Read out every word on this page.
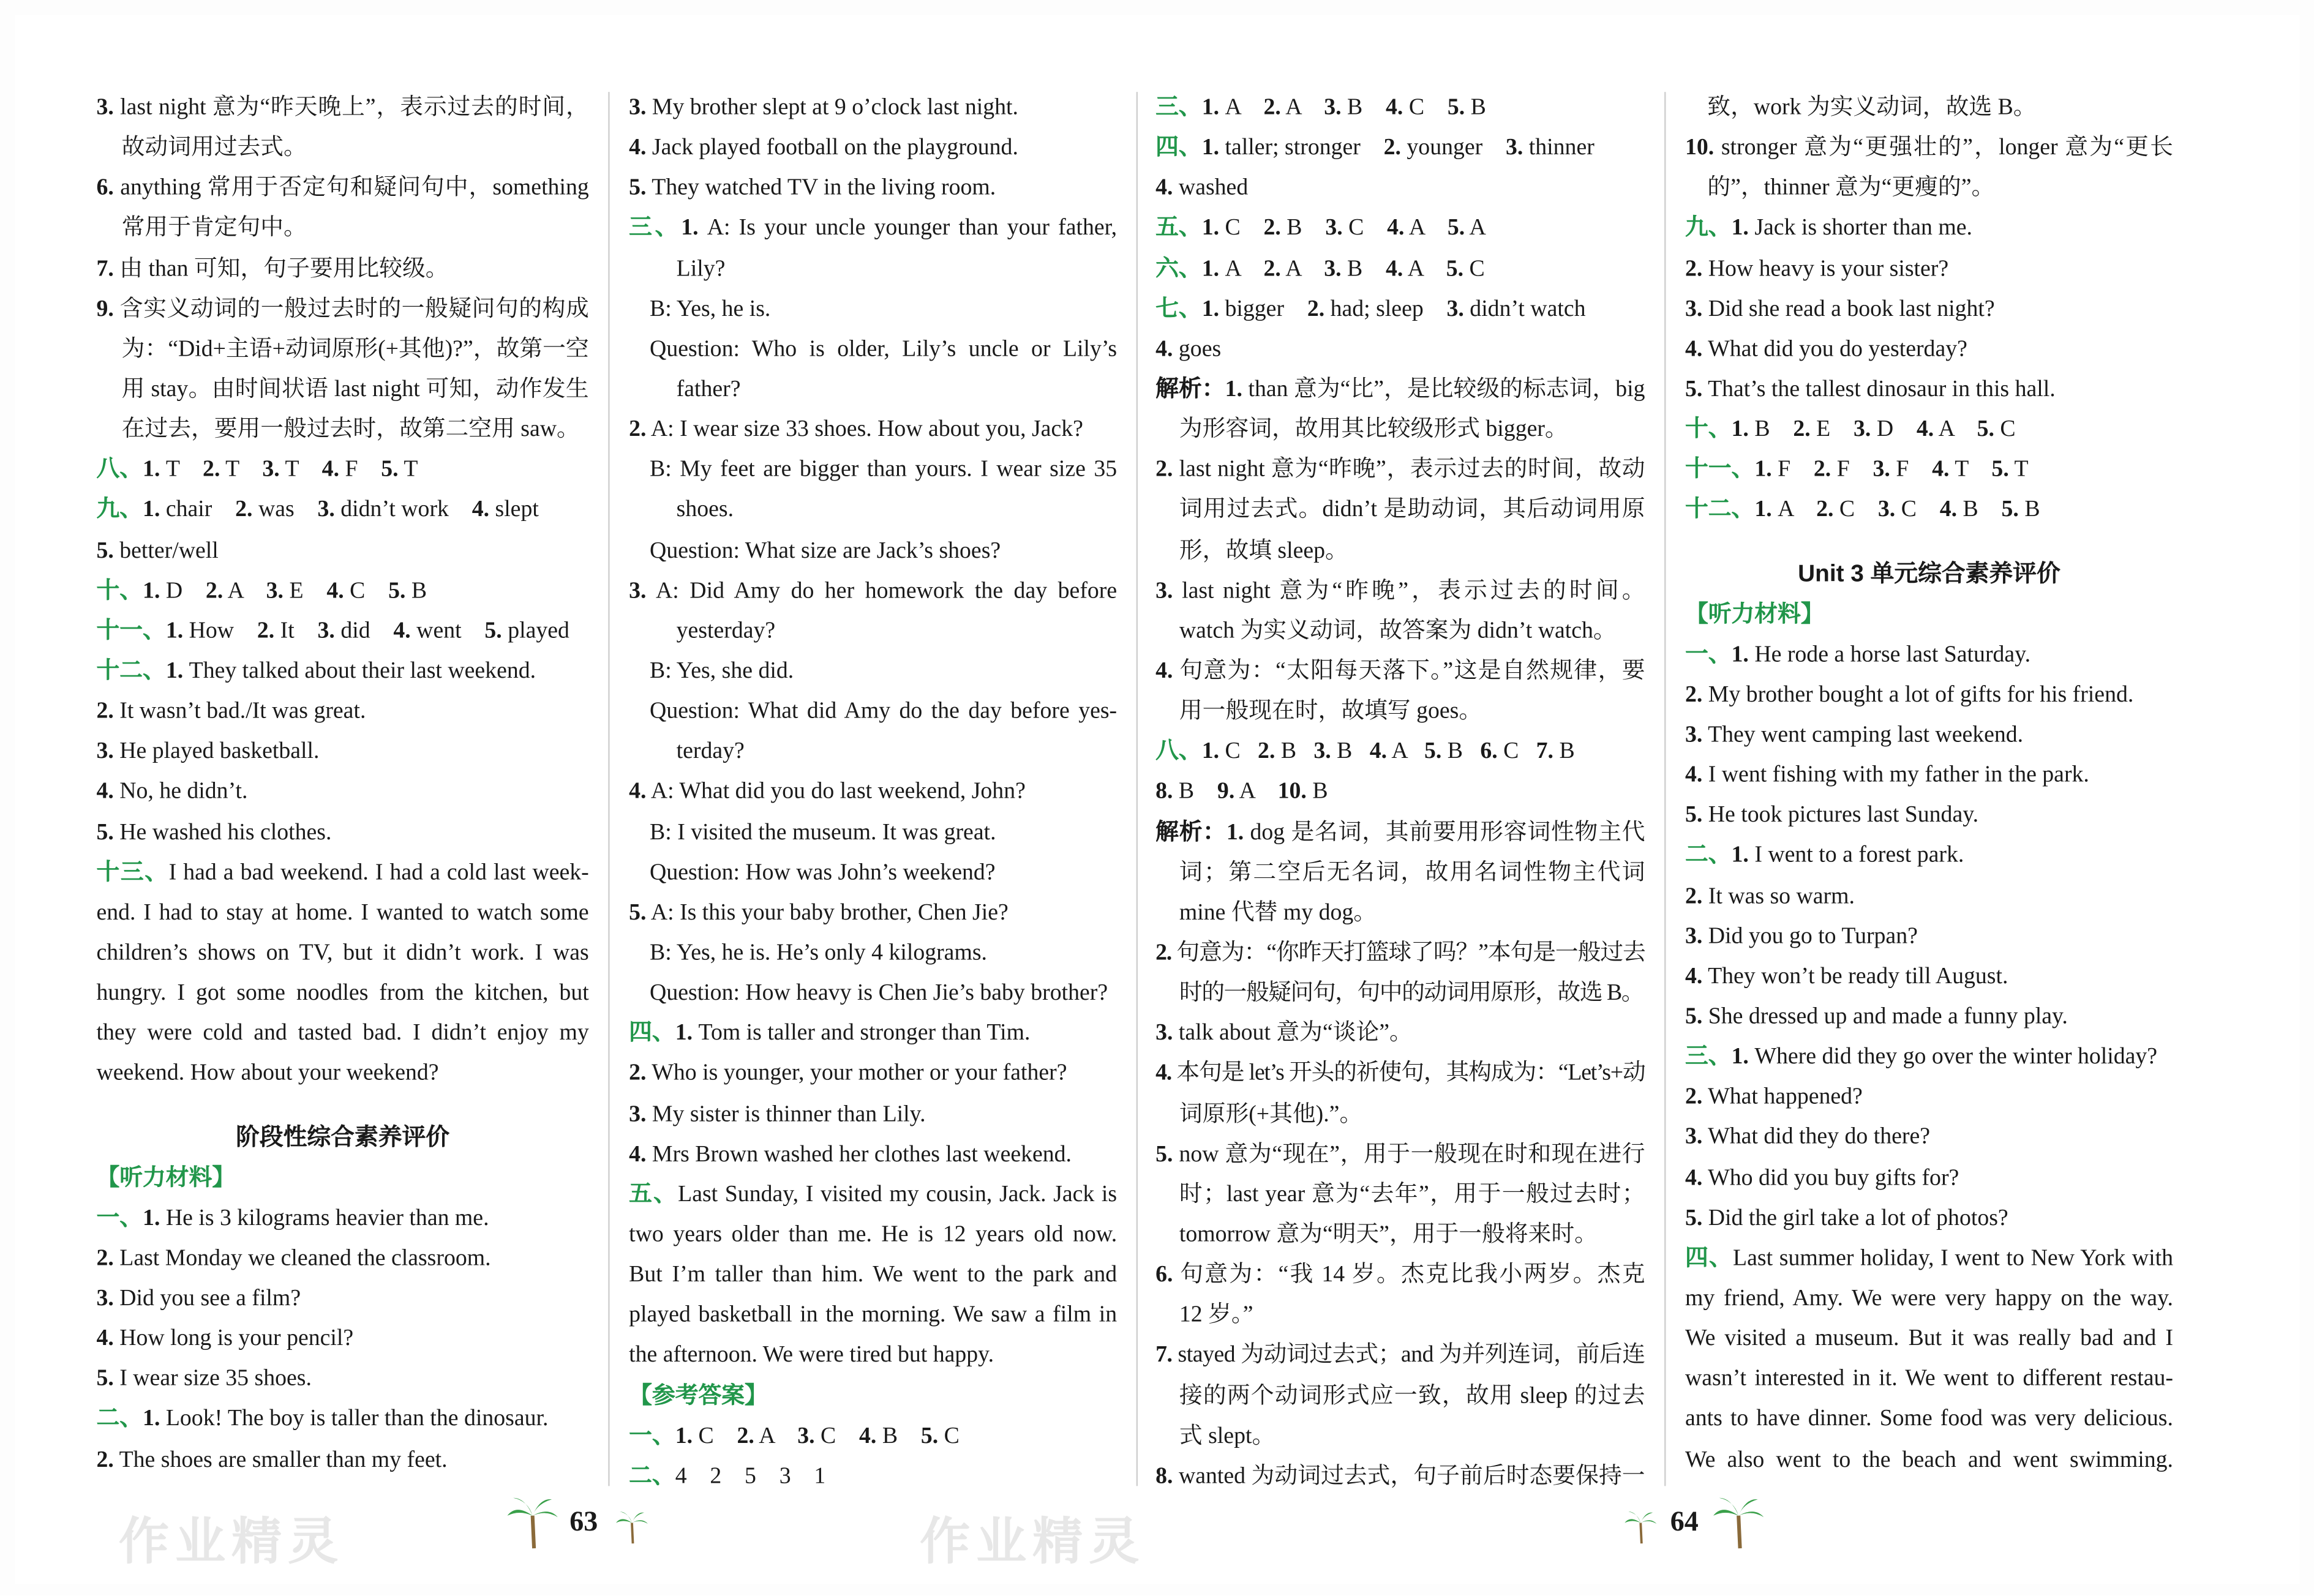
3. last night 意为“昨天晚上”，表示过去的时间，
故动词用过去式。
6. anything 常用于否定句和疑问句中，something
常用于肯定句中。
7. 由 than 可知，句子要用比较级。
9. 含实义动词的一般过去时的一般疑问句的构成
为：“Did+主语+动词原形(+其他)?”，故第一空
用 stay。由时间状语 last night 可知，动作发生
在过去，要用一般过去时，故第二空用 saw。
八、1. T    2. T    3. T    4. F    5. T
九、1. chair    2. was    3. didn’t work    4. slept
5. better/well
十、1. D    2. A    3. E    4. C    5. B
十一、1. How    2. It    3. did    4. went    5. played
十二、1. They talked about their last weekend.
2. It wasn’t bad./It was great.
3. He played basketball.
4. No, he didn’t.
5. He washed his clothes.
十三、I had a bad weekend. I had a cold last week-
end. I had to stay at home. I wanted to watch some
children’s shows on TV, but it didn’t work. I was
hungry. I got some noodles from the kitchen, but
they were cold and tasted bad. I didn’t enjoy my
weekend. How about your weekend?
阶段性综合素养评价
【听力材料】
一、1. He is 3 kilograms heavier than me.
2. Last Monday we cleaned the classroom.
3. Did you see a film?
4. How long is your pencil?
5. I wear size 35 shoes.
二、1. Look! The boy is taller than the dinosaur.
2. The shoes are smaller than my feet.
3. My brother slept at 9 o’clock last night.
4. Jack played football on the playground.
5. They watched TV in the living room.
三、1. A: Is your uncle younger than your father,
Lily?
B: Yes, he is.
Question: Who is older, Lily’s uncle or Lily’s
father?
2. A: I wear size 33 shoes. How about you, Jack?
B: My feet are bigger than yours. I wear size 35
shoes.
Question: What size are Jack’s shoes?
3. A: Did Amy do her homework the day before
yesterday?
B: Yes, she did.
Question: What did Amy do the day before yes-
terday?
4. A: What did you do last weekend, John?
B: I visited the museum. It was great.
Question: How was John’s weekend?
5. A: Is this your baby brother, Chen Jie?
B: Yes, he is. He’s only 4 kilograms.
Question: How heavy is Chen Jie’s baby brother?
四、1. Tom is taller and stronger than Tim.
2. Who is younger, your mother or your father?
3. My sister is thinner than Lily.
4. Mrs Brown washed her clothes last weekend.
五、Last Sunday, I visited my cousin, Jack. Jack is
two years older than me. He is 12 years old now.
But I’m taller than him. We went to the park and
played basketball in the morning. We saw a film in
the afternoon. We were tired but happy.
【参考答案】
一、1. C    2. A    3. C    4. B    5. C
二、4    2    5    3    1
三、1. A    2. A    3. B    4. C    5. B
四、1. taller; stronger    2. younger    3. thinner
4. washed
五、1. C    2. B    3. C    4. A    5. A
六、1. A    2. A    3. B    4. A    5. C
七、1. bigger    2. had; sleep    3. didn’t watch
4. goes
解析：1. than 意为“比”，是比较级的标志词，big
为形容词，故用其比较级形式 bigger。
2. last night 意为“昨晚”，表示过去的时间，故动
词用过去式。didn’t 是助动词，其后动词用原
形，故填 sleep。
3. last night 意为“昨晚”，表示过去的时间。
watch 为实义动词，故答案为 didn’t watch。
4. 句意为：“太阳每天落下。”这是自然规律，要
用一般现在时，故填写 goes。
八、1. C   2. B   3. B   4. A   5. B   6. C   7. B
8. B    9. A    10. B
解析：1. dog 是名词，其前要用形容词性物主代
词；第二空后无名词，故用名词性物主代词
mine 代替 my dog。
2. 句意为：“你昨天打篮球了吗？”本句是一般过去
时的一般疑问句，句中的动词用原形，故选 B。
3. talk about 意为“谈论”。
4. 本句是 let’s 开头的祈使句，其构成为：“Let’s+动
词原形(+其他).”。
5. now 意为“现在”，用于一般现在时和现在进行
时；last year 意为“去年”，用于一般过去时；
tomorrow 意为“明天”，用于一般将来时。
6. 句意为：“我 14 岁。杰克比我小两岁。杰克
12 岁。”
7. stayed 为动词过去式；and 为并列连词，前后连
接的两个动词形式应一致，故用 sleep 的过去
式 slept。
8. wanted 为动词过去式，句子前后时态要保持一
致，work 为实义动词，故选 B。
10. stronger 意为“更强壮的”，longer 意为“更长
的”，thinner 意为“更瘦的”。
九、1. Jack is shorter than me.
2. How heavy is your sister?
3. Did she read a book last night?
4. What did you do yesterday?
5. That’s the tallest dinosaur in this hall.
十、1. B    2. E    3. D    4. A    5. C
十一、1. F    2. F    3. F    4. T    5. T
十二、1. A    2. C    3. C    4. B    5. B
Unit 3 单元综合素养评价
【听力材料】
一、1. He rode a horse last Saturday.
2. My brother bought a lot of gifts for his friend.
3. They went camping last weekend.
4. I went fishing with my father in the park.
5. He took pictures last Sunday.
二、1. I went to a forest park.
2. It was so warm.
3. Did you go to Turpan?
4. They won’t be ready till August.
5. She dressed up and made a funny play.
三、1. Where did they go over the winter holiday?
2. What happened?
3. What did they do there?
4. Who did you buy gifts for?
5. Did the girl take a lot of photos?
四、Last summer holiday, I went to New York with
my friend, Amy. We were very happy on the way.
We visited a museum. But it was really bad and I
wasn’t interested in it. We went to different restau-
ants to have dinner. Some food was very delicious.
We also went to the beach and went swimming.
作业精灵	作业精灵
63	64
